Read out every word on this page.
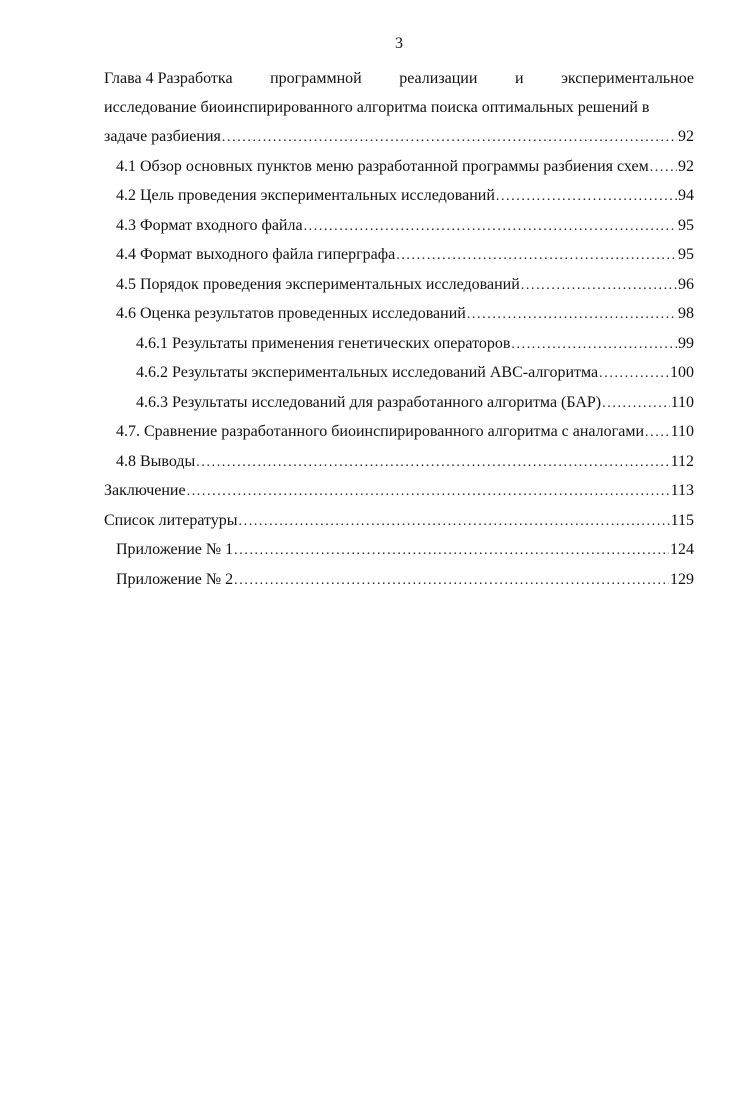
3
Глава 4 Разработка программной реализации и экспериментальное
исследование биоинспирированного алгоритма поиска оптимальных решений в
задаче разбиения .....	92
4.1 Обзор основных пунктов меню разработанной программы разбиения схем ..... 92
4.2 Цель проведения экспериментальных исследований .....	94
4.3 Формат входного файла .....	95
4.4 Формат выходного файла гиперграфа .....	95
4.5 Порядок проведения экспериментальных исследований .....	96
4.6 Оценка результатов проведенных исследований .....	98
4.6.1 Результаты применения генетических операторов .....	99
4.6.2 Результаты экспериментальных исследований ABC-алгоритма .....	100
4.6.3 Результаты исследований для разработанного алгоритма (БАР) .....	110
4.7. Сравнение разработанного биоинспирированного алгоритма с аналогами ..... 110
4.8 Выводы .....	112
Заключение .....	113
Список литературы .....	115
Приложение № 1 .....	124
Приложение № 2 .....	129
